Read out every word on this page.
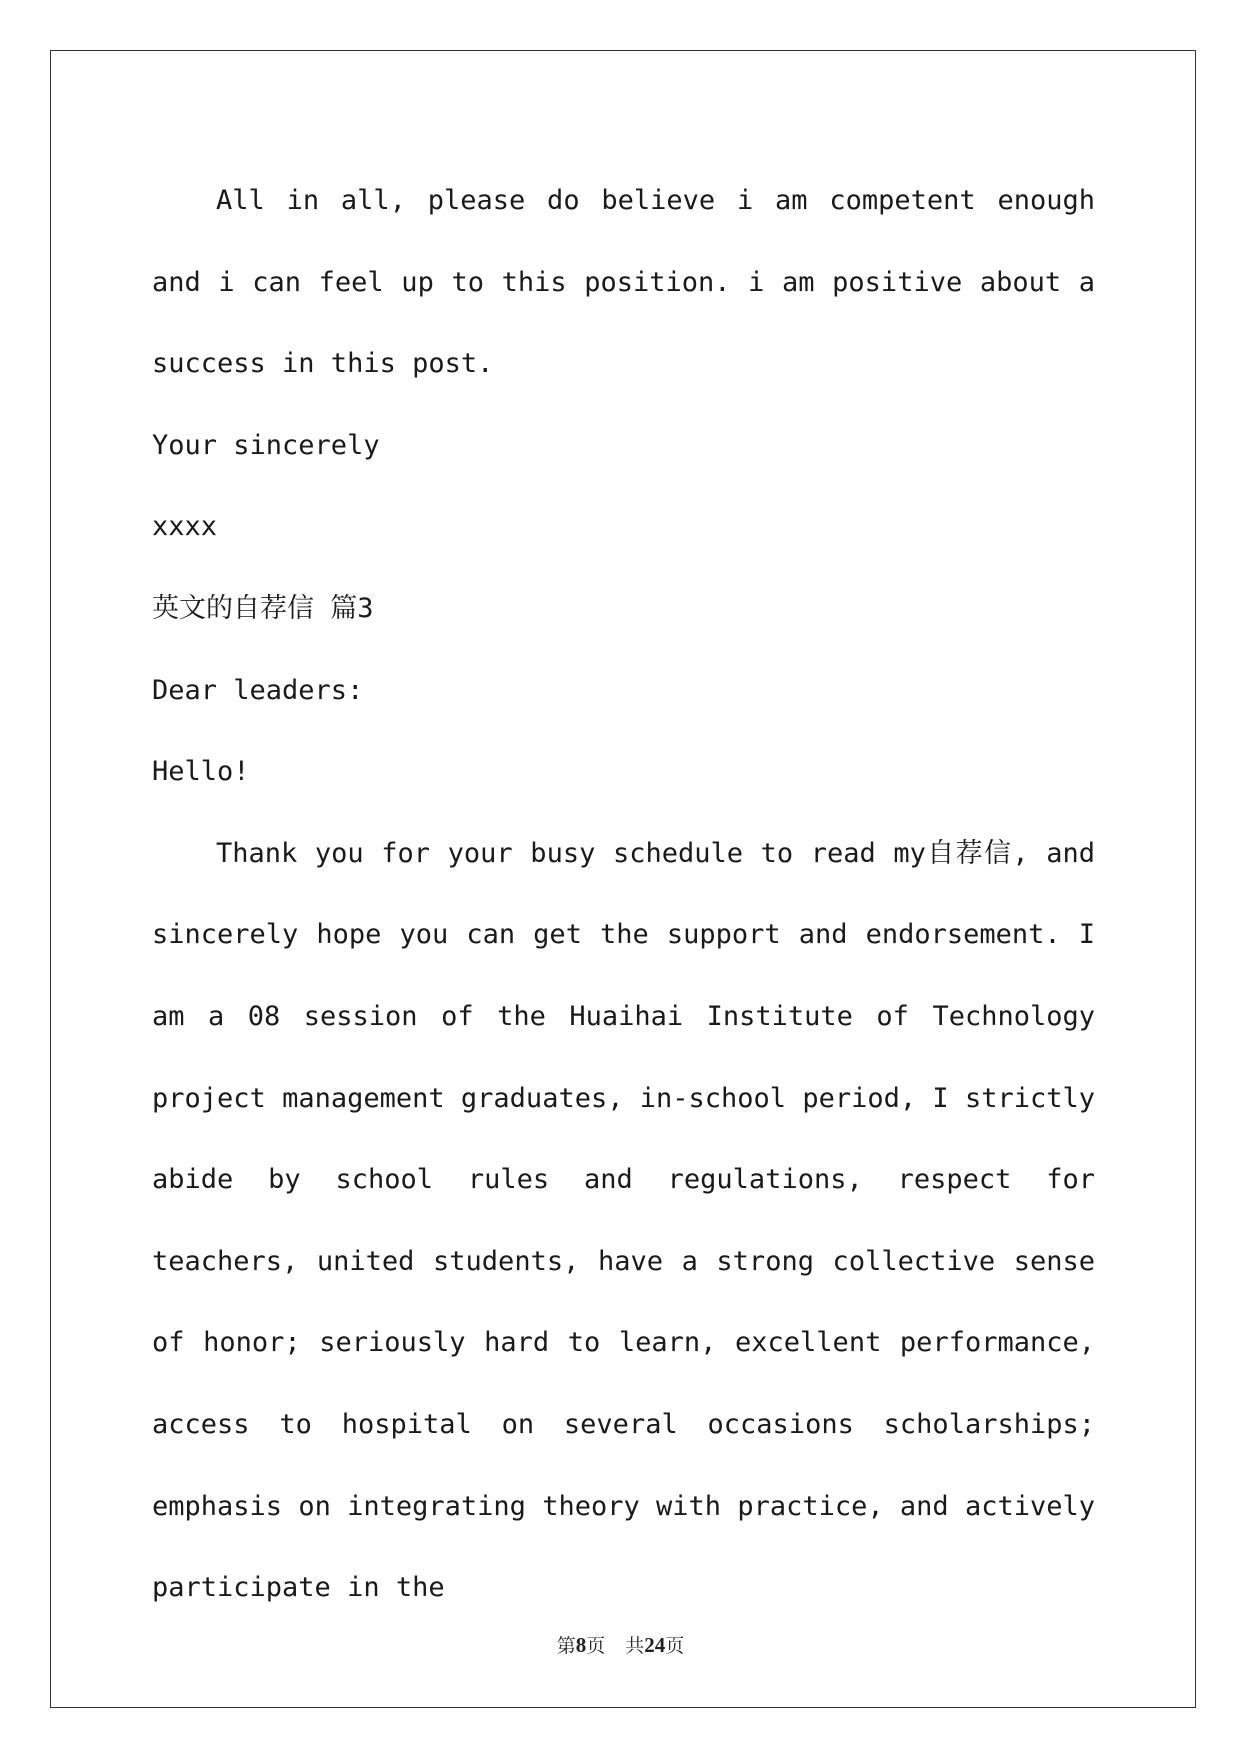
All in all, please do believe i am competent enough and i can feel up to this position. i am positive about a success in this post.

Your sincerely

xxxx

英文的自荐信 篇3

Dear leaders:

Hello!

Thank you for your busy schedule to read my自荐信, and sincerely hope you can get the support and endorsement. I am a 08 session of the Huaihai Institute of Technology project management graduates, in-school period, I strictly abide by school rules and regulations, respect for teachers, united students, have a strong collective sense of honor; seriously hard to learn, excellent performance, access to hospital on several occasions scholarships; emphasis on integrating theory with practice, and actively participate in the

第8页 共24页
